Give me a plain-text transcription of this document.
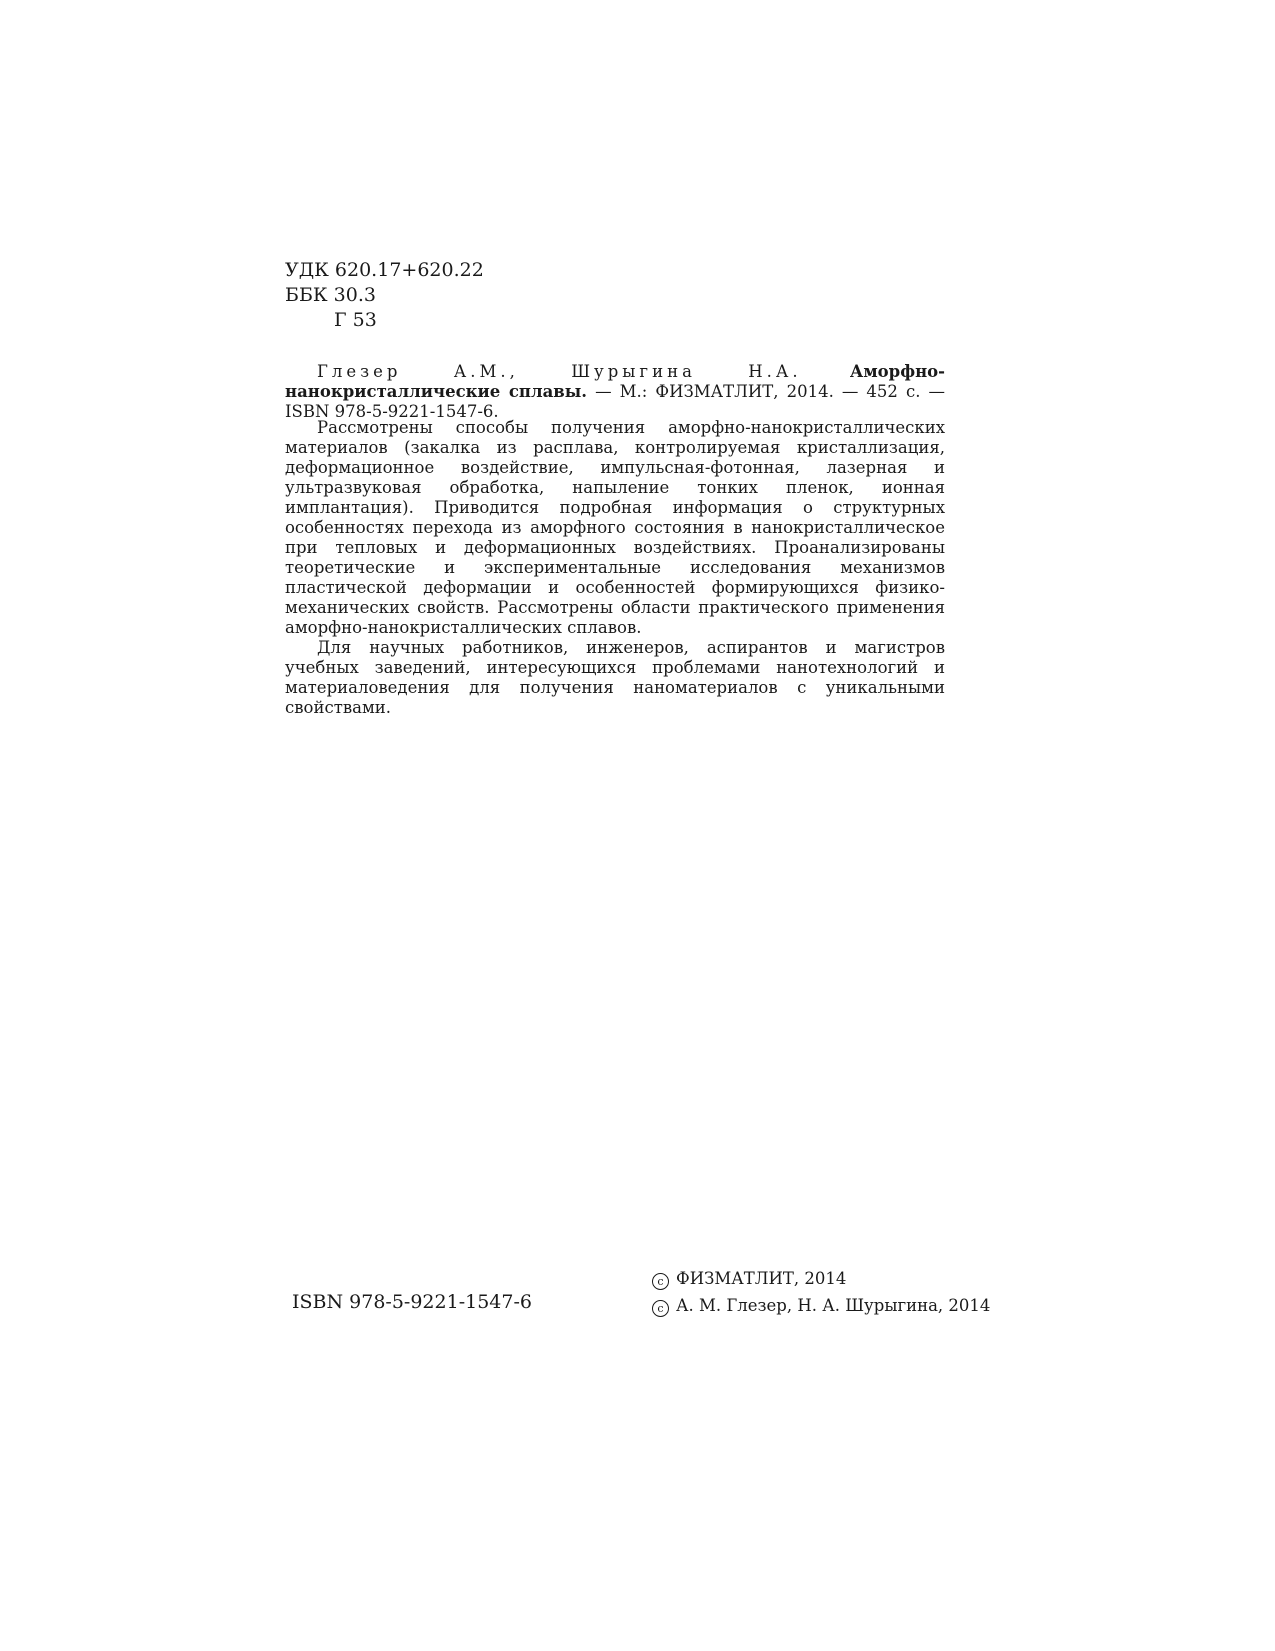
УДК 620.17+620.22
ББК 30.3
Г 53
Глезер А.М., Шурыгина Н.А.	Аморфно-нанокристаллические сплавы. — М.: ФИЗМАТЛИТ, 2014. — 452 с. — ISBN 978-5-9221-1547-6.

Рассмотрены способы получения аморфно-нанокристаллических материалов (закалка из расплава, контролируемая кристаллизация, деформационное воздействие, импульсная-фотонная, лазерная и ультразвуковая обработка, напыление тонких пленок, ионная имплантация). Приводится подробная информация о структурных особенностях перехода из аморфного состояния в нанокристаллическое при тепловых и деформационных воздействиях. Проанализированы теоретические и экспериментальные исследования механизмов пластической деформации и особенностей формирующихся физико-механических свойств. Рассмотрены области практического применения аморфно-нанокристаллических сплавов.

Для научных работников, инженеров, аспирантов и магистров учебных заведений, интересующихся проблемами нанотехнологий и материаловедения для получения наноматериалов с уникальными свойствами.

ISBN 978-5-9221-1547-6
c ФИЗМАТЛИТ, 2014
c А. М. Глезер, Н. А. Шурыгина, 2014
